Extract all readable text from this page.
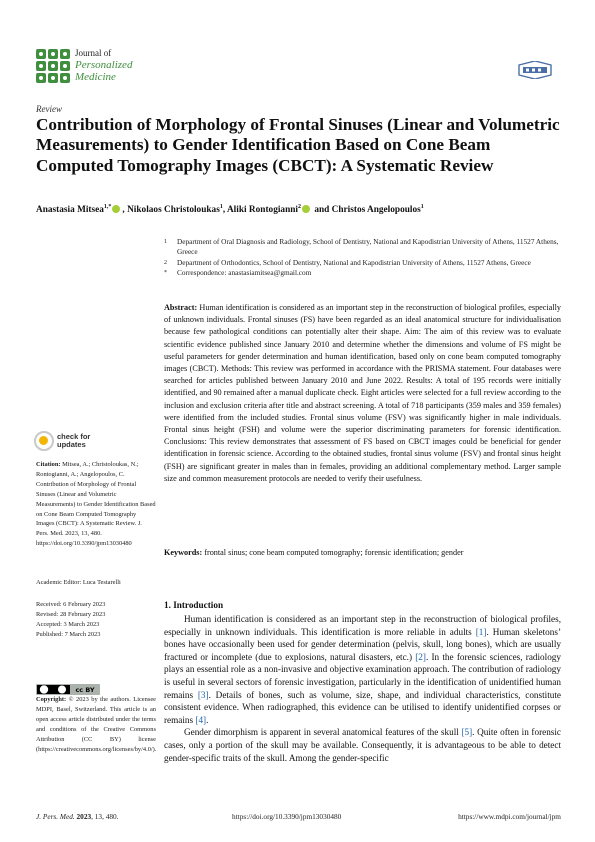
Journal of
Personalized
Medicine
Review
Contribution of Morphology of Frontal Sinuses (Linear and Volumetric Measurements) to Gender Identification Based on Cone Beam Computed Tomography Images (CBCT): A Systematic Review
Anastasia Mitsea$^{1,*}$ , Nikolaos Christoloukas$^1$, Aliki Rontogianni$^2$ and Christos Angelopoulos$^1$
1	Department of Oral Diagnosis and Radiology, School of Dentistry, National and Kapodistrian University of Athens, 11527 Athens, Greece
2	Department of Orthodontics, School of Dentistry, National and Kapodistrian University of Athens, 11527 Athens, Greece
*	Correspondence: anastasiamitsea@gmail.com
Abstract: Human identification is considered as an important step in the reconstruction of biological profiles, especially of unknown individuals. Frontal sinuses (FS) have been regarded as an ideal anatomical structure for individualisation because few pathological conditions can potentially alter their shape. Aim: The aim of this review was to evaluate scientific evidence published since January 2010 and determine whether the dimensions and volume of FS might be useful parameters for gender determination and human identification, based only on cone beam computed tomography images (CBCT). Methods: This review was performed in accordance with the PRISMA statement. Four databases were searched for articles published between January 2010 and June 2022. Results: A total of 195 records were initially identified, and 90 remained after a manual duplicate check. Eight articles were selected for a full review according to the inclusion and exclusion criteria after title and abstract screening. A total of 718 participants (359 males and 359 females) were identified from the included studies. Frontal sinus volume (FSV) was significantly higher in male individuals. Frontal sinus height (FSH) and volume were the superior discriminating parameters for forensic identification. Conclusions: This review demonstrates that assessment of FS based on CBCT images could be beneficial for gender identification in forensic science. According to the obtained studies, frontal sinus volume (FSV) and frontal sinus height (FSH) are significant greater in males than in females, providing an additional complementary method. Larger sample size and common measurement protocols are needed to verify their usefulness.
Keywords: frontal sinus; cone beam computed tomography; forensic identification; gender
check for
updates
Citation: Mitsea, A.; Christoloukas, N.; Rontogianni, A.; Angelopoulos, C. Contribution of Morphology of Frontal Sinuses (Linear and Volumetric Measurements) to Gender Identification Based on Cone Beam Computed Tomography Images (CBCT): A Systematic Review. J. Pers. Med. 2023, 13, 480. https://doi.org/10.3390/jpm13030480
Academic Editor: Luca Testarelli
Received: 6 February 2023
Revised: 28 February 2023
Accepted: 3 March 2023
Published: 7 March 2023
cc BY
Copyright: © 2023 by the authors. Licensee MDPI, Basel, Switzerland. This article is an open access article distributed under the terms and conditions of the Creative Commons Attribution (CC BY) license (https://creativecommons.org/licenses/by/4.0/).
1. Introduction

Human identification is considered as an important step in the reconstruction of biological profiles, especially in unknown individuals. This identification is more reliable in adults [1]. Human skeletons’ bones have occasionally been used for gender determination (pelvis, skull, long bones), which are usually fractured or incomplete (due to explosions, natural disasters, etc.) [2]. In the forensic sciences, radiology plays an essential role as a non-invasive and objective examination approach. The contribution of radiology is useful in several sectors of forensic investigation, particularly in the identification of unidentified human remains [3]. Details of bones, such as volume, size, shape, and individual characteristics, constitute consistent evidence. When radiographed, this evidence can be utilised to identify unidentified corpses or remains [4].

Gender dimorphism is apparent in several anatomical features of the skull [5]. Quite often in forensic cases, only a portion of the skull may be available. Consequently, it is advantageous to be able to detect gender-specific traits of the skull. Among the gender-specific

J. Pers. Med. 2023, 13, 480.	https://doi.org/10.3390/jpm13030480	https://www.mdpi.com/journal/jpm
